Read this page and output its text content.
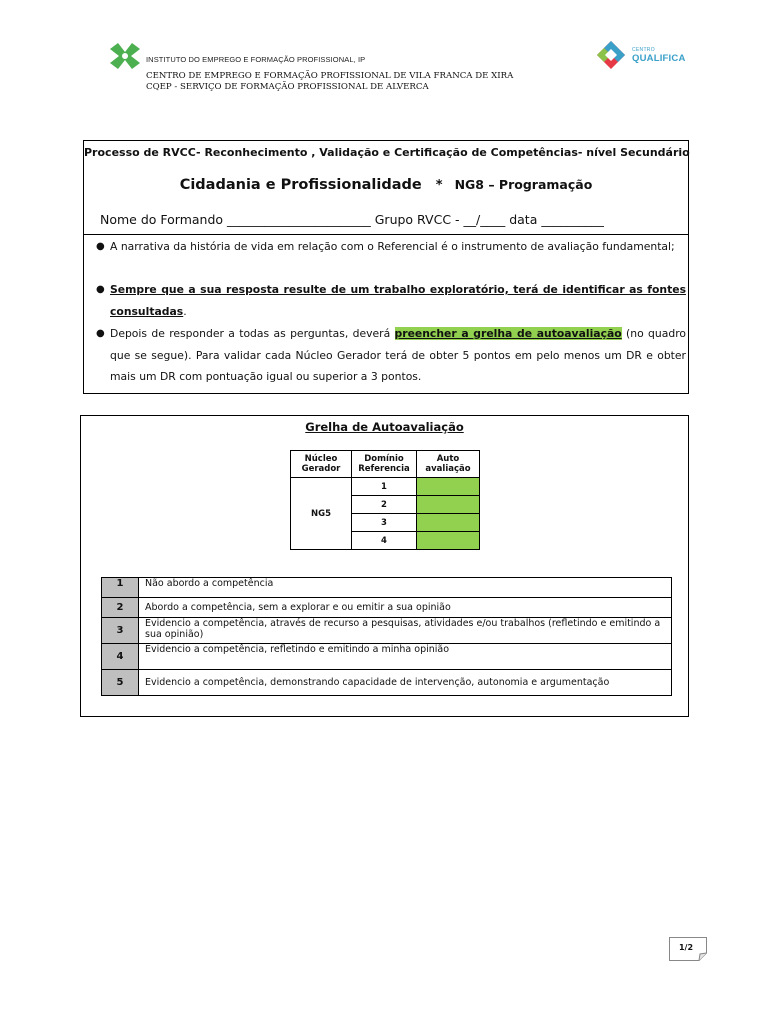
INSTITUTO DO EMPREGO E FORMAÇÃO PROFISSIONAL, IP
CENTRO DE EMPREGO E FORMAÇÃO PROFISSIONAL DE VILA FRANCA DE XIRA
CQEP - SERVIÇO DE FORMAÇÃO PROFISSIONAL DE ALVERCA
CENTRO
QUALIFICA
Processo de RVCC- Reconhecimento , Validação e Certificação de Competências- nível Secundário
Cidadania e Profissionalidade * NG8 – Programação
Nome do Formando _______________________ Grupo RVCC - __/____ data __________
● A narrativa da história de vida em relação com o Referencial é o instrumento de avaliação fundamental;
● Sempre que a sua resposta resulte de um trabalho exploratório, terá de identificar as fontes consultadas.
● Depois de responder a todas as perguntas, deverá preencher a grelha de autoavaliação (no quadro que se segue). Para validar cada Núcleo Gerador terá de obter 5 pontos em pelo menos um DR e obter mais um DR com pontuação igual ou superior a 3 pontos.
Grelha de Autoavaliação
Núcleo Gerador	Domínio Referencia	Auto avaliação
NG5	1	
	2	
	3	
	4	
1	Não abordo a competência
2	Abordo a competência, sem a explorar e ou emitir a sua opinião
3	Evidencio a competência, através de recurso a pesquisas, atividades e/ou trabalhos (refletindo e emitindo a sua opinião)
4	Evidencio a competência, refletindo e emitindo a minha opinião
5	Evidencio a competência, demonstrando capacidade de intervenção, autonomia e argumentação
1/2
